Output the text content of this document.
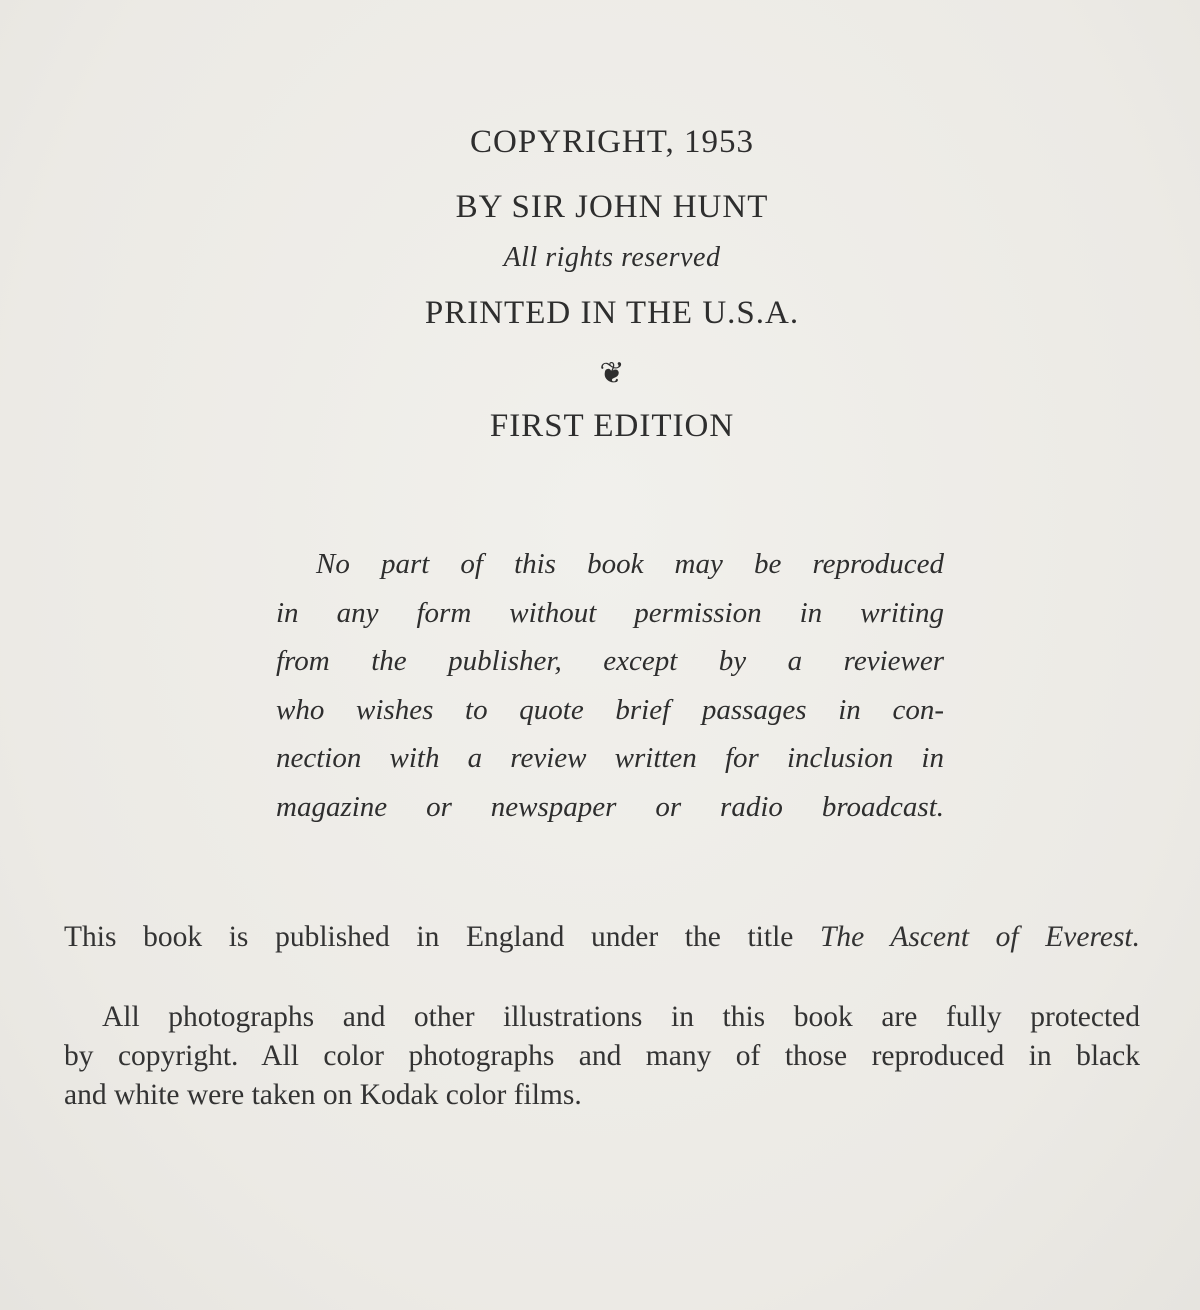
COPYRIGHT, 1953
BY SIR JOHN HUNT
All rights reserved
PRINTED IN THE U.S.A.
❦
FIRST EDITION
No part of this book may be reproduced
in any form without permission in writing
from the publisher, except by a reviewer
who wishes to quote brief passages in con-
nection with a review written for inclusion in
magazine or newspaper or radio broadcast.
This book is published in England under the title The Ascent of Everest.
All photographs and other illustrations in this book are fully protected
by copyright. All color photographs and many of those reproduced in black
and white were taken on Kodak color films.
